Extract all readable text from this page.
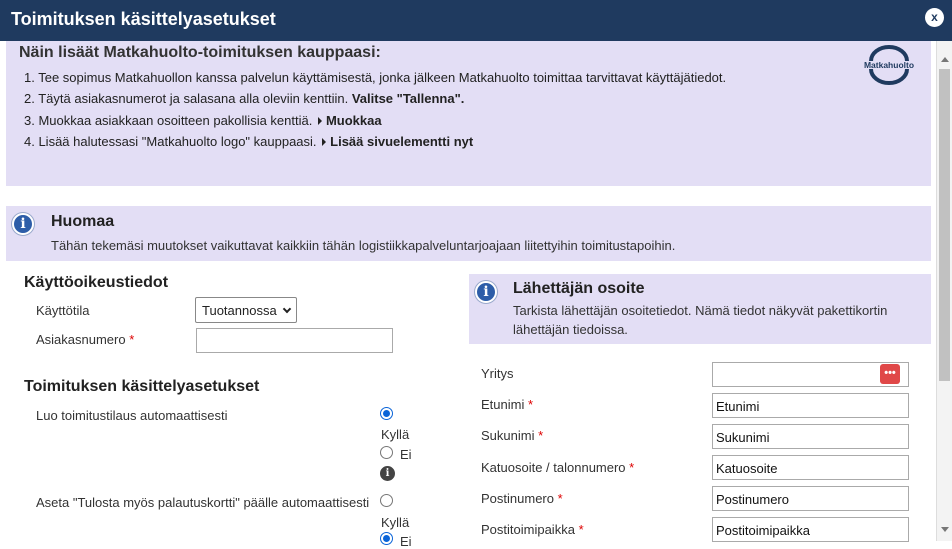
Toimituksen käsittelyasetukset	x
Näin lisäät Matkahuolto-toimituksen kauppaasi:
1. Tee sopimus Matkahuollon kanssa palvelun käyttämisestä, jonka jälkeen Matkahuolto toimittaa tarvittavat käyttäjätiedot.
2. Täytä asiakasnumerot ja salasana alla oleviin kenttiin. Valitse "Tallenna".
3. Muokkaa asiakkaan osoitteen pakollisia kenttiä. Muokkaa
4. Lisää halutessasi "Matkahuolto logo" kauppaasi. Lisää sivuelementti nyt
Matkahuolto
i	Huomaa
Tähän tekemäsi muutokset vaikuttavat kaikkiin tähän logistiikkapalveluntarjoajaan liitettyihin toimitustapoihin.
Käyttöoikeustiedot
Käyttötila	Tuotannossa
Asiakasnumero *
Toimituksen käsittelyasetukset
Luo toimitustilaus automaattisesti
Kyllä
Ei
i
Aseta "Tulosta myös palautuskortti" päälle automaattisesti
Kyllä
Ei
i	Lähettäjän osoite
Tarkista lähettäjän osoitetiedot. Nämä tiedot näkyvät pakettikortin lähettäjän tiedoissa.
Yritys	•••
Etunimi *	Etunimi
Sukunimi *	Sukunimi
Katuosoite / talonnumero *	Katuosoite
Postinumero *	Postinumero
Postitoimipaikka *	Postitoimipaikka
